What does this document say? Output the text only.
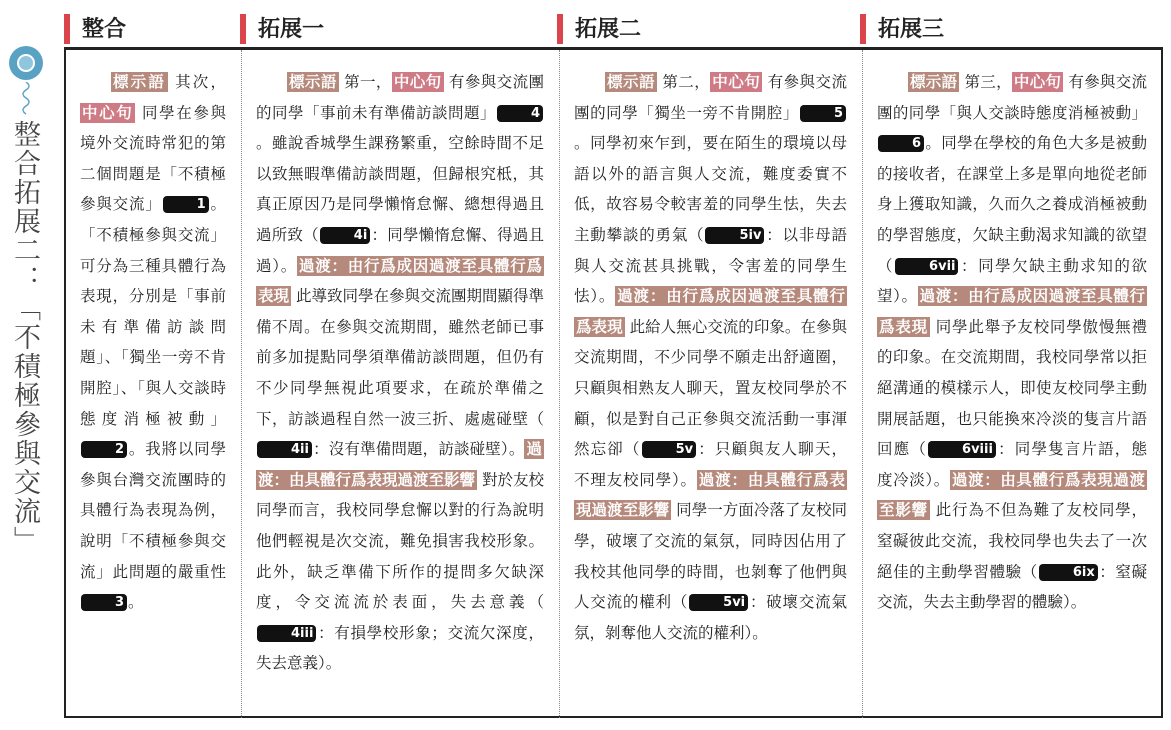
整合拓展二：「不積極參與交流」
整合	拓展一	拓展二	拓展三

標示語 其次，中心句 同學在參與境外交流時常犯的第二個問題是「不積極參與交流」	1 。「不積極參與交流」可分為三種具體行為表現，分別是「事前未有準備訪談問題」、「獨坐一旁不肯開腔」、「與人交談時態度消極被動」2 。我將以同學參與台灣交流團時的具體行為表現為例，說明「不積極參與交流」此問題的嚴重性3 。

標示語 第一， 中心句 有參與交流團的同學「事前未有準備訪談問題」	4。雖說香城學生課務繁重，空餘時間不足以致無暇準備訪談問題，但歸根究柢，其真正原因乃是同學懶惰怠懈、總想得過且過所致（	4i ：同學懶惰怠懈、得過且過）。 過渡：由行爲成因過渡至具體行爲表現 此導致同學在參與交流團期間顯得準備不周。在參與交流期間，雖然老師已事前多加提點同學須準備訪談問題，但仍有不少同學無視此項要求，在疏於準備之下，訪談過程自然一波三折、處處碰壁（4ii ：沒有準備問題，訪談碰壁）。 過渡：由具體行爲表現過渡至影響 對於友校同學而言，我校同學怠懈以對的行為說明他們輕視是次交流，難免損害我校形象。此外，缺乏準備下所作的提問多欠缺深度，令交流流於表面，失去意義（4iii ：有損學校形象；交流欠深度，失去意義）。

標示語 第二， 中心句 有參與交流團的同學「獨坐一旁不肯開腔」	5。同學初來乍到，要在陌生的環境以母語以外的語言與人交流，難度委實不低，故容易令較害羞的同學生怯，失去主動攀談的勇氣（	5iv ：以非母語與人交流甚具挑戰，令害羞的同學生怯）。 過渡：由行爲成因過渡至具體行爲表現 此給人無心交流的印象。在參與交流期間，不少同學不願走出舒適圈，只顧與相熟友人聊天，置友校同學於不顧，似是對自己正參與交流活動一事渾然忘卻（	5v ：只顧與友人聊天，不理友校同學）。 過渡：由具體行爲表現過渡至影響 同學一方面冷落了友校同學，破壞了交流的氣氛，同時因佔用了我校其他同學的時間，也剝奪了他們與人交流的權利（	5vi ：破壞交流氣氛，剝奪他人交流的權利）。

標示語 第三， 中心句 有參與交流團的同學「與人交談時態度消極被動」6 。同學在學校的角色大多是被動的接收者，在課堂上多是單向地從老師身上獲取知識，久而久之養成消極被動的學習態度，欠缺主動渴求知識的欲望（	6vii ：同學欠缺主動求知的欲望）。 過渡：由行爲成因過渡至具體行爲表現 同學此舉予友校同學傲慢無禮的印象。在交流期間，我校同學常以拒絕溝通的模樣示人，即使友校同學主動開展話題，也只能換來冷淡的隻言片語回應（	6viii ：同學隻言片語，態度冷淡）。 過渡：由具體行爲表現過渡至影響 此行為不但為難了友校同學，窒礙彼此交流，我校同學也失去了一次絕佳的主動學習體驗（	6ix ：窒礙交流，失去主動學習的體驗）。
